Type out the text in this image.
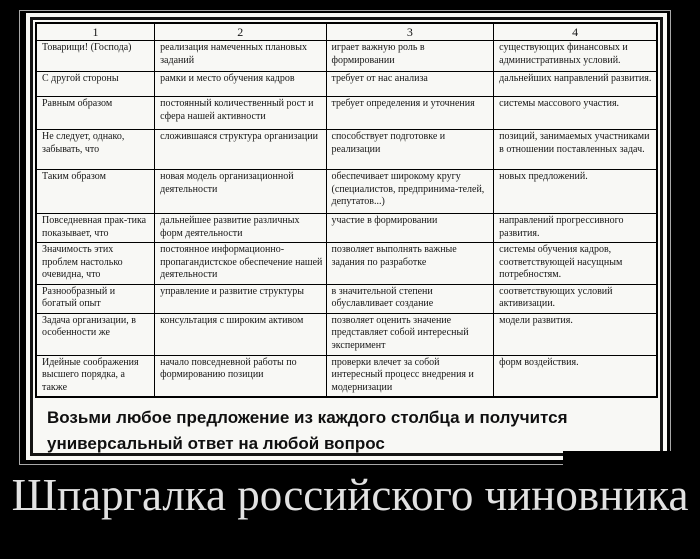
1	2	3	4
Товарищи! (Господа)	реализация намеченных плановых заданий	играет важную роль в формировании	существующих финансовых и административных условий.
С другой стороны	рамки и место обучения кадров	требует от нас анализа	дальнейших направлений развития.
Равным образом	постоянный количественный рост и сфера нашей активности	требует определения и уточнения	системы массового участия.
Не следует, однако, забывать, что	сложившаяся структура организации	способствует подготовке и реализации	позиций, занимаемых участниками в отношении поставленных задач.
Таким образом	новая модель организационной деятельности	обеспечивает широкому кругу (специалистов, предпринима-телей, депутатов...)	новых предложений.
Повседневная прак-тика показывает, что	дальнейшее развитие различных форм деятельности	участие в формировании	направлений прогрессивного развития.
Значимость этих проблем настолько очевидна, что	постоянное информационно-пропагандистское обеспечение нашей деятельности	позволяет выполнять важные задания по разработке	системы обучения кадров, соответствующей насущным потребностям.
Разнообразный и богатый опыт	управление и развитие структуры	в значительной степени обуславливает создание	соответствующих условий активизации.
Задача организации, в особенности же	консультация с широким активом	позволяет оценить значение представляет собой интересный эксперимент	модели развития.
Идейные соображения высшего порядка, а также	начало повседневной работы по формированию позиции	проверки влечет за собой интересный процесс внедрения и модернизации	форм воздействия.
Возьми любое предложение из каждого столбца и получится универсальный ответ на любой вопрос
Шпаргалка российского чиновника
